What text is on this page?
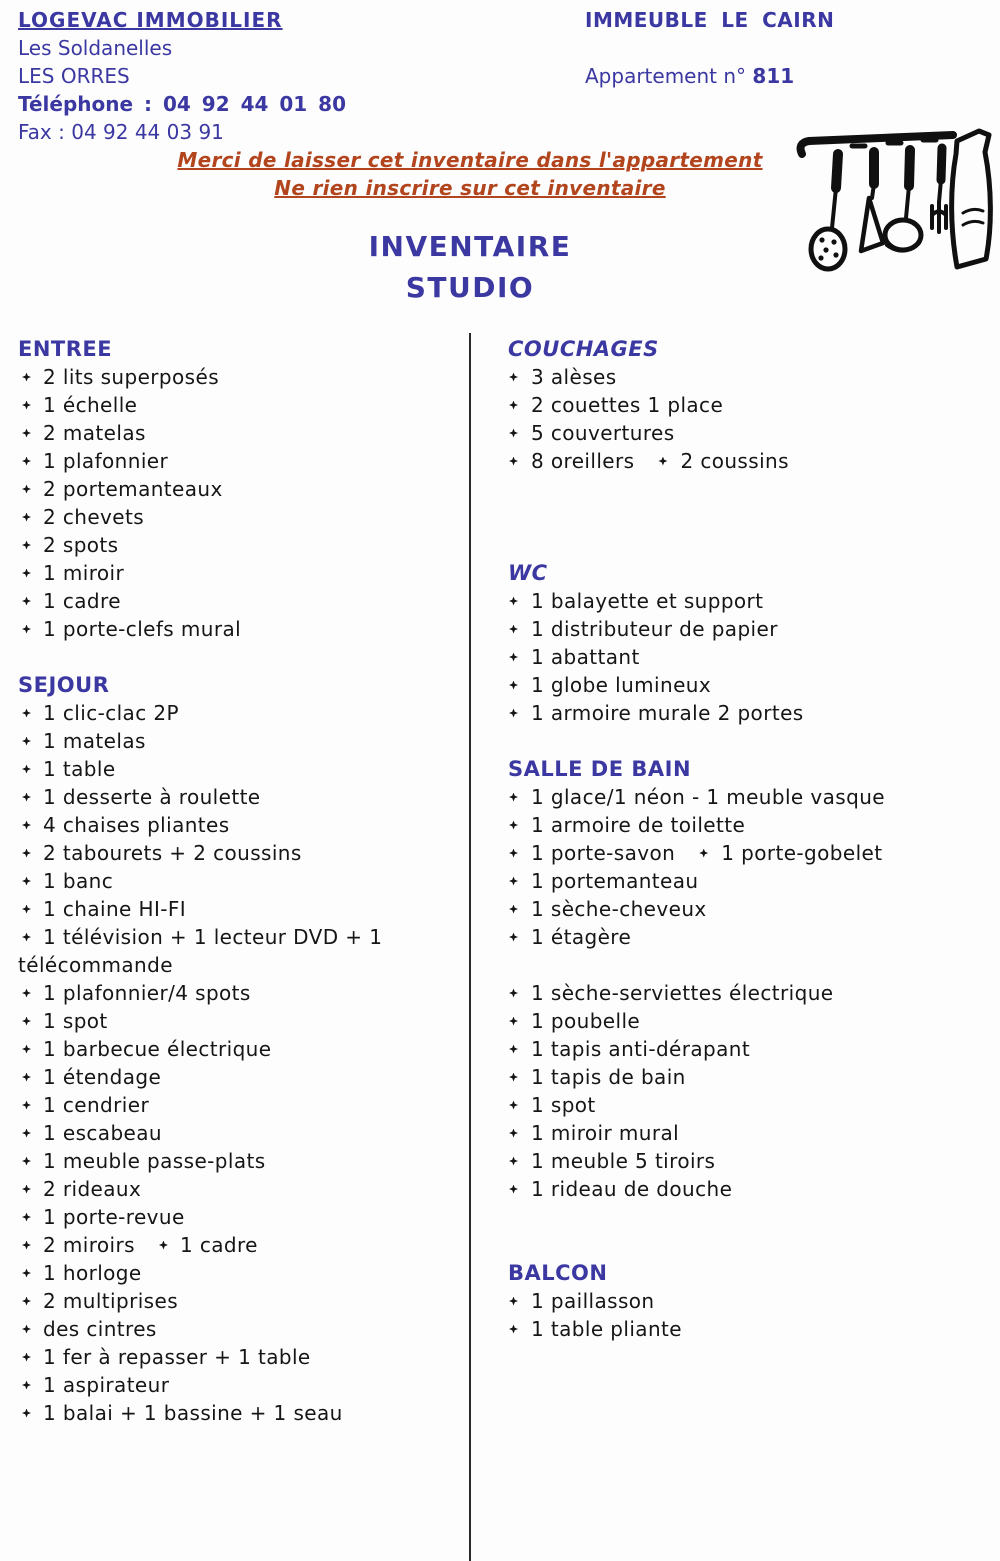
LOGEVAC IMMOBILIER
Les Soldanelles
LES ORRES
Téléphone : 04 92 44 01 80
Fax : 04 92 44 03 91
IMMEUBLE LE CAIRN
Appartement n° 811
Merci de laisser cet inventaire dans l'appartement
Ne rien inscrire sur cet inventaire
INVENTAIRE
STUDIO
ENTREE
2 lits superposés
1 échelle
2 matelas
1 plafonnier
2 portemanteaux
2 chevets
2 spots
1 miroir
1 cadre
1 porte-clefs mural
SEJOUR
1 clic-clac 2P
1 matelas
1 table
1 desserte à roulette
4 chaises pliantes
2 tabourets + 2 coussins
1 banc
1 chaine HI-FI
1 télévision + 1 lecteur DVD + 1
télécommande
1 plafonnier/4 spots
1 spot
1 barbecue électrique
1 étendage
1 cendrier
1 escabeau
1 meuble passe-plats
2 rideaux
1 porte-revue
2 miroirs 1 cadre
1 horloge
2 multiprises
des cintres
1 fer à repasser + 1 table
1 aspirateur
1 balai + 1 bassine + 1 seau
COUCHAGES
3 alèses
2 couettes 1 place
5 couvertures
8 oreillers 2 coussins
WC
1 balayette et support
1 distributeur de papier
1 abattant
1 globe lumineux
1 armoire murale 2 portes
SALLE DE BAIN
1 glace/1 néon - 1 meuble vasque
1 armoire de toilette
1 porte-savon 1 porte-gobelet
1 portemanteau
1 sèche-cheveux
1 étagère
1 sèche-serviettes électrique
1 poubelle
1 tapis anti-dérapant
1 tapis de bain
1 spot
1 miroir mural
1 meuble 5 tiroirs
1 rideau de douche
BALCON
1 paillasson
1 table pliante
